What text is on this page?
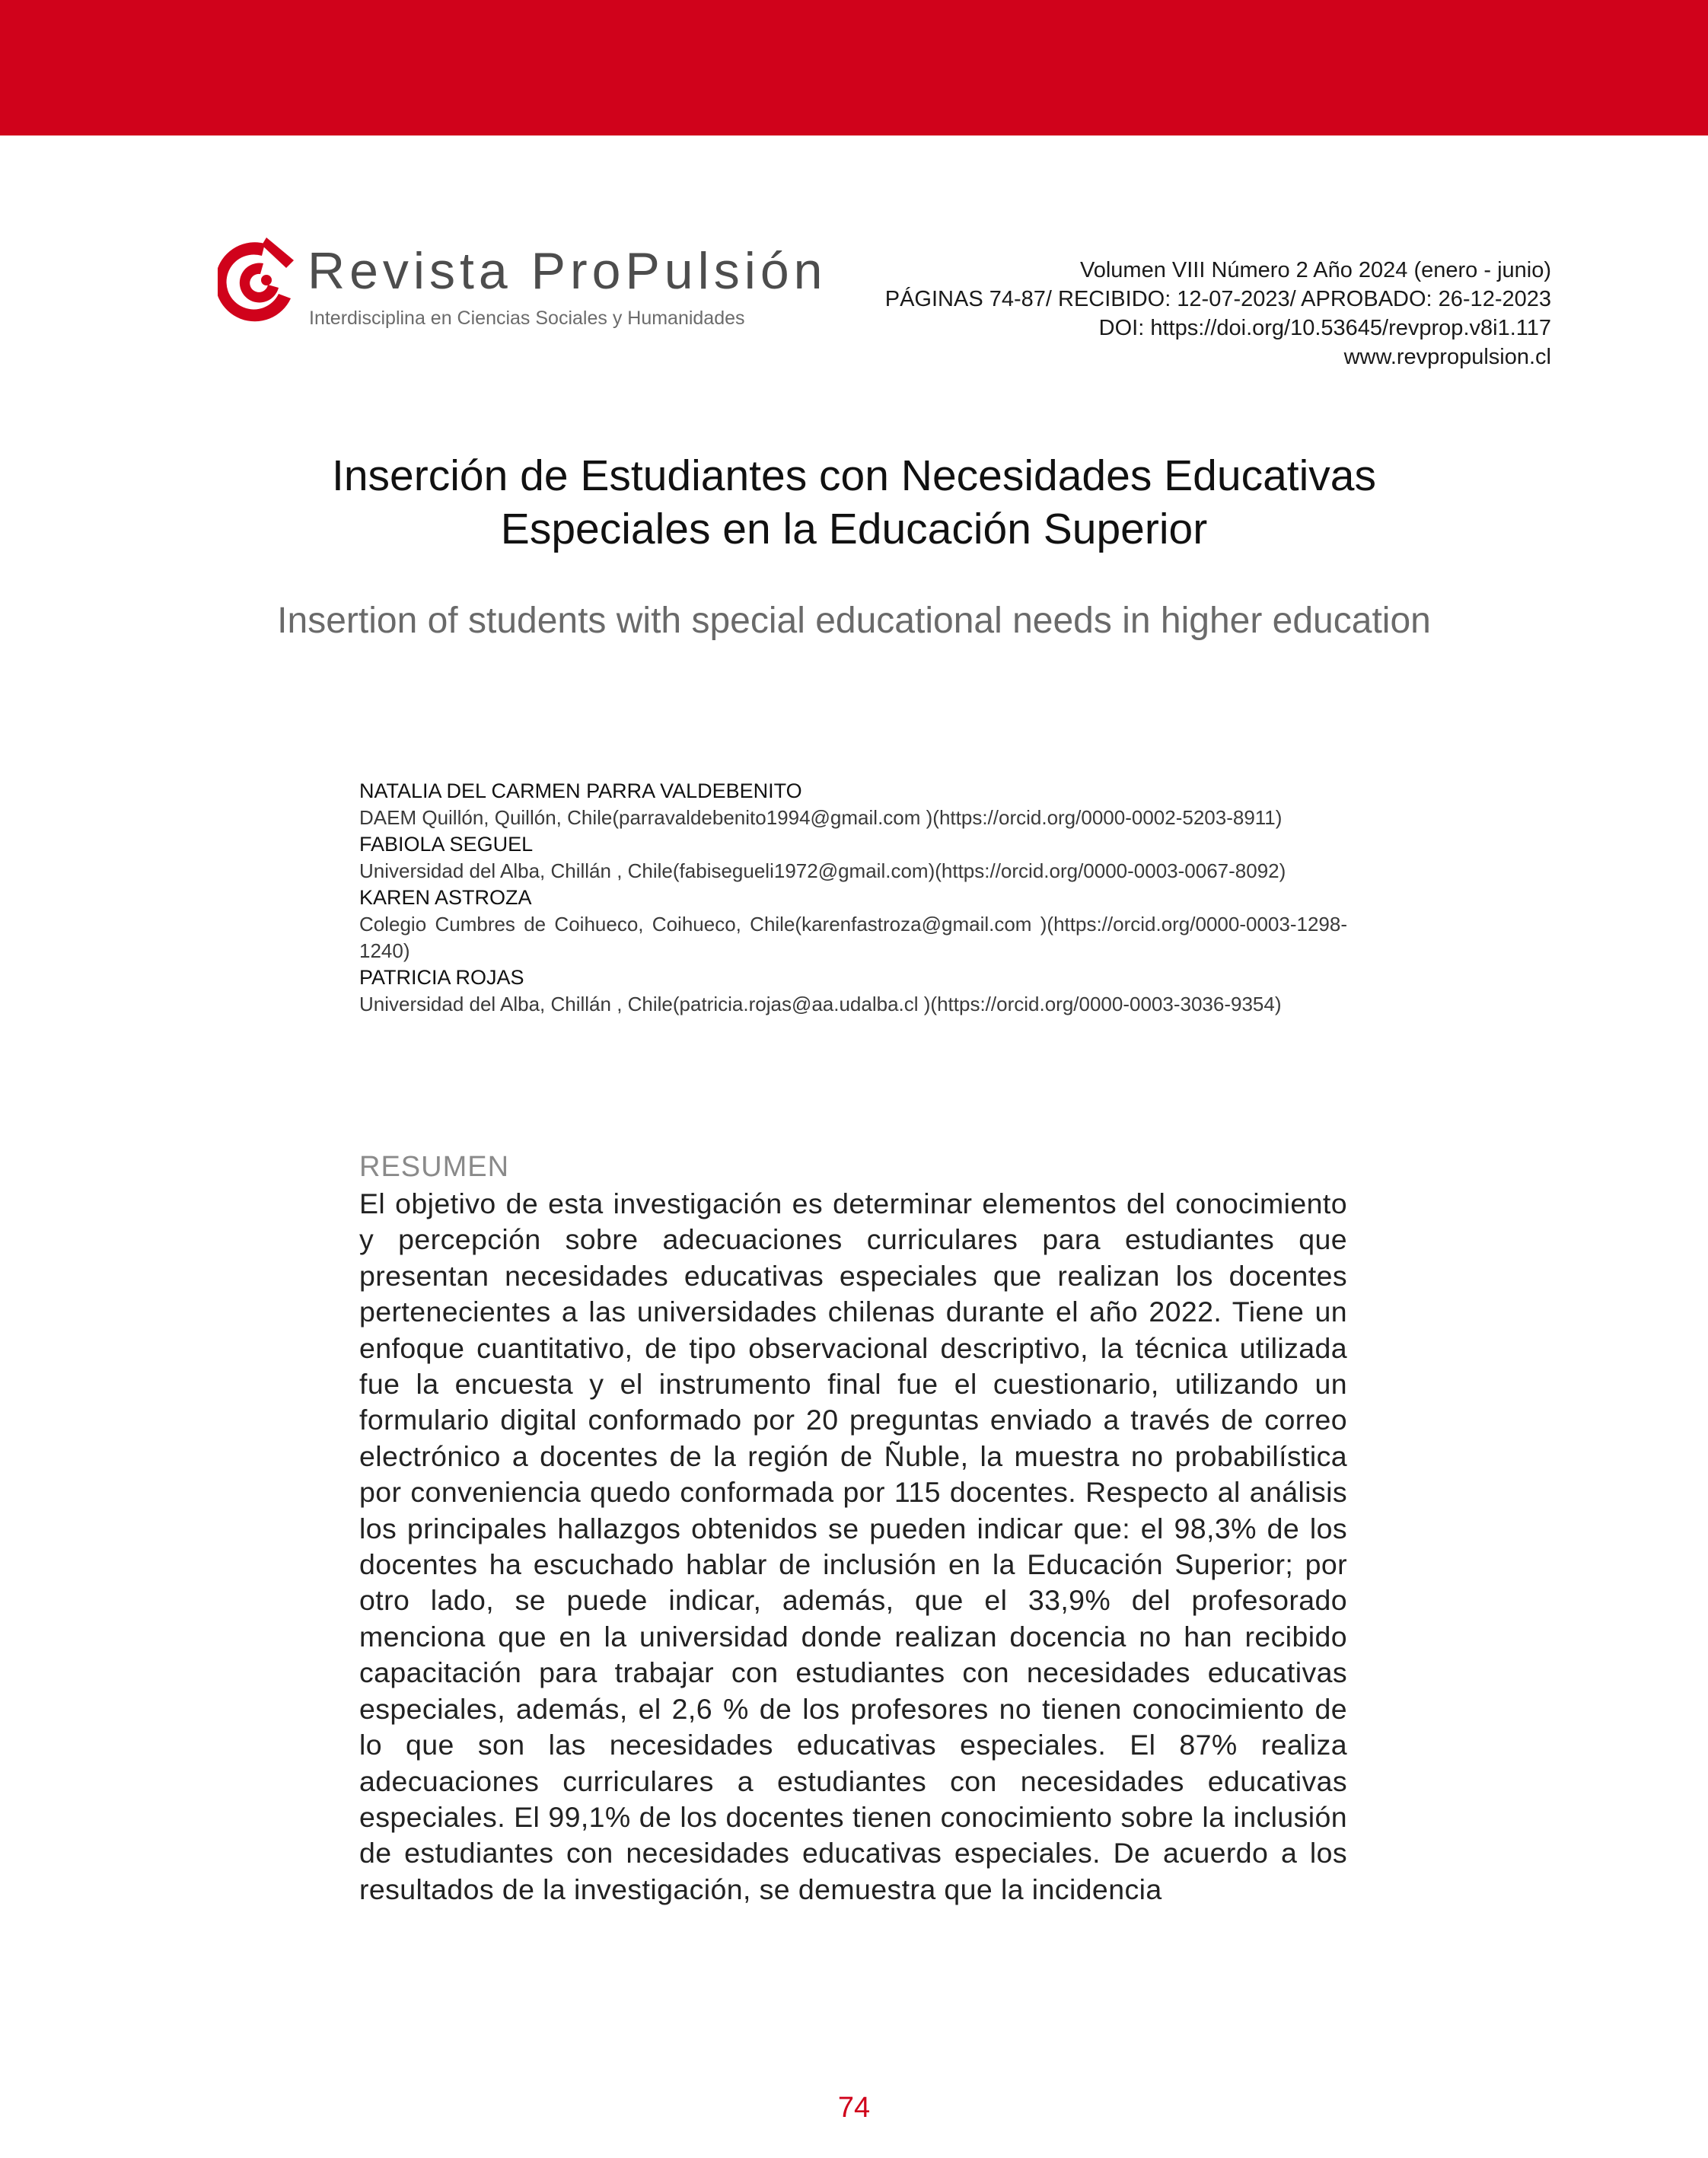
Revista ProPulsión
Interdisciplina en Ciencias Sociales y Humanidades
Volumen VIII Número 2 Año 2024 (enero - junio)
PÁGINAS 74-87/ RECIBIDO: 12-07-2023/ APROBADO: 26-12-2023
DOI: https://doi.org/10.53645/revprop.v8i1.117
www.revpropulsion.cl
Inserción de Estudiantes con Necesidades Educativas Especiales en la Educación Superior
Insertion of students with special educational needs in higher education
NATALIA DEL CARMEN PARRA VALDEBENITO
DAEM Quillón, Quillón, Chile(parravaldebenito1994@gmail.com )(https://orcid.org/0000-0002-5203-8911)
FABIOLA SEGUEL
Universidad del Alba, Chillán , Chile(fabisegueli1972@gmail.com)(https://orcid.org/0000-0003-0067-8092)
KAREN ASTROZA
Colegio Cumbres de Coihueco, Coihueco, Chile(karenfastroza@gmail.com )(https://orcid.org/0000-0003-1298-1240)
PATRICIA ROJAS
Universidad del Alba, Chillán , Chile(patricia.rojas@aa.udalba.cl )(https://orcid.org/0000-0003-3036-9354)
RESUMEN
El objetivo de esta investigación es determinar elementos del conocimiento y percepción sobre adecuaciones curriculares para estudiantes que presentan necesidades educativas especiales que realizan los docentes pertenecientes a las universidades chilenas durante el año 2022. Tiene un enfoque cuantitativo, de tipo observacional descriptivo, la técnica utilizada fue la encuesta y el instrumento final fue el cuestionario, utilizando un formulario digital conformado por 20 preguntas enviado a través de correo electrónico a docentes de la región de Ñuble, la muestra no probabilística por conveniencia quedo conformada por 115 docentes. Respecto al análisis los principales hallazgos obtenidos se pueden indicar que: el 98,3% de los docentes ha escuchado hablar de inclusión en la Educación Superior; por otro lado, se puede indicar, además, que el 33,9% del profesorado menciona que en la universidad donde realizan docencia no han recibido capacitación para trabajar con estudiantes con necesidades educativas especiales, además, el 2,6 % de los profesores no tienen conocimiento de lo que son las necesidades educativas especiales. El 87% realiza adecuaciones curriculares a estudiantes con necesidades educativas especiales. El 99,1% de los docentes tienen conocimiento sobre la inclusión de estudiantes con necesidades educativas especiales. De acuerdo a los resultados de la investigación, se demuestra que la incidencia
74
